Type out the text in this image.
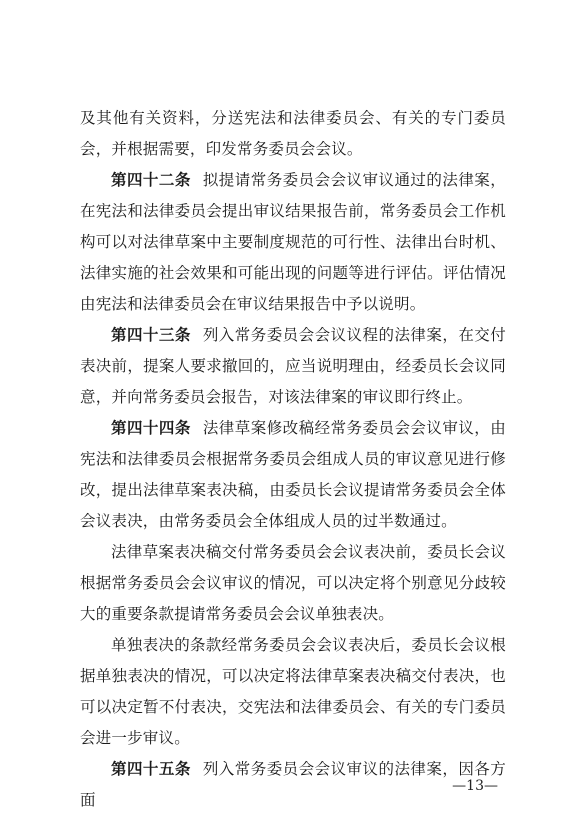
及其他有关资料，分送宪法和法律委员会、有关的专门委员会，并根据需要，印发常务委员会会议。

第四十二条 拟提请常务委员会会议审议通过的法律案，在宪法和法律委员会提出审议结果报告前，常务委员会工作机构可以对法律草案中主要制度规范的可行性、法律出台时机、法律实施的社会效果和可能出现的问题等进行评估。评估情况由宪法和法律委员会在审议结果报告中予以说明。

第四十三条 列入常务委员会会议议程的法律案，在交付表决前，提案人要求撤回的，应当说明理由，经委员长会议同意，并向常务委员会报告，对该法律案的审议即行终止。

第四十四条 法律草案修改稿经常务委员会会议审议，由宪法和法律委员会根据常务委员会组成人员的审议意见进行修改，提出法律草案表决稿，由委员长会议提请常务委员会全体会议表决，由常务委员会全体组成人员的过半数通过。

法律草案表决稿交付常务委员会会议表决前，委员长会议根据常务委员会会议审议的情况，可以决定将个别意见分歧较大的重要条款提请常务委员会会议单独表决。

单独表决的条款经常务委员会会议表决后，委员长会议根据单独表决的情况，可以决定将法律草案表决稿交付表决，也可以决定暂不付表决，交宪法和法律委员会、有关的专门委员会进一步审议。

第四十五条 列入常务委员会会议审议的法律案，因各方面

—13—
